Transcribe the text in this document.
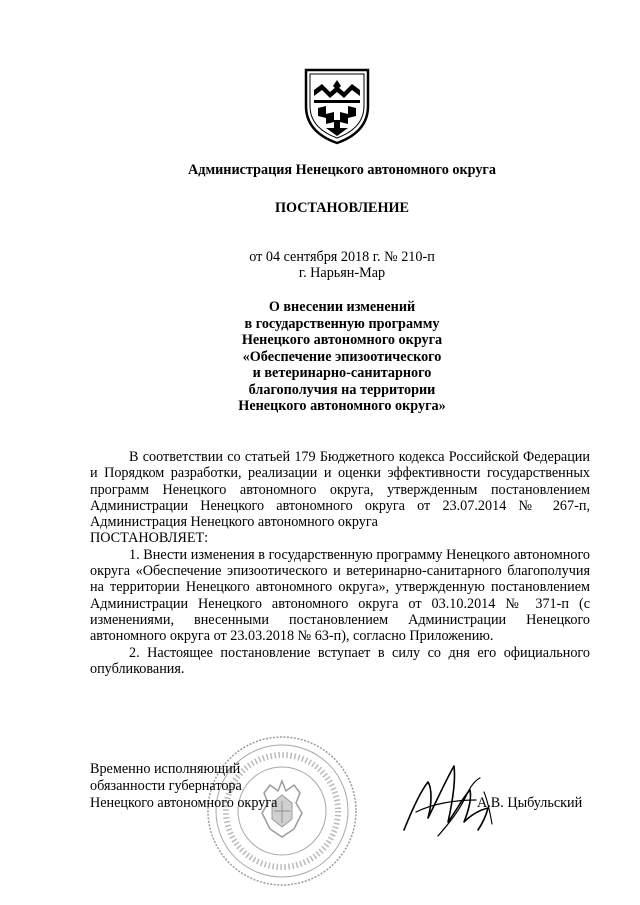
Администрация Ненецкого автономного округа
ПОСТАНОВЛЕНИЕ
от 04 сентября 2018 г. № 210-п
г. Нарьян-Мар
О внесении изменений
в государственную программу
Ненецкого автономного округа
«Обеспечение эпизоотического
и ветеринарно-санитарного
благополучия на территории
Ненецкого автономного округа»

В соответствии со статьей 179 Бюджетного кодекса Российской Федерации и Порядком разработки, реализации и оценки эффективности государственных программ Ненецкого автономного округа, утвержденным постановлением Администрации Ненецкого автономного округа от 23.07.2014 № 267-п, Администрация Ненецкого автономного округа

ПОСТАНОВЛЯЕТ:

1. Внести изменения в государственную программу Ненецкого автономного округа «Обеспечение эпизоотического и ветеринарно-санитарного благополучия на территории Ненецкого автономного округа», утвержденную постановлением Администрации Ненецкого автономного округа от 03.10.2014 № 371-п (с изменениями, внесенными постановлением Администрации Ненецкого автономного округа от 23.03.2018 № 63-п), согласно Приложению.

2. Настоящее постановление вступает в силу со дня его официального опубликования.

Временно исполняющий
обязанности губернатора
Ненецкого автономного округа	А.В. Цыбульский
